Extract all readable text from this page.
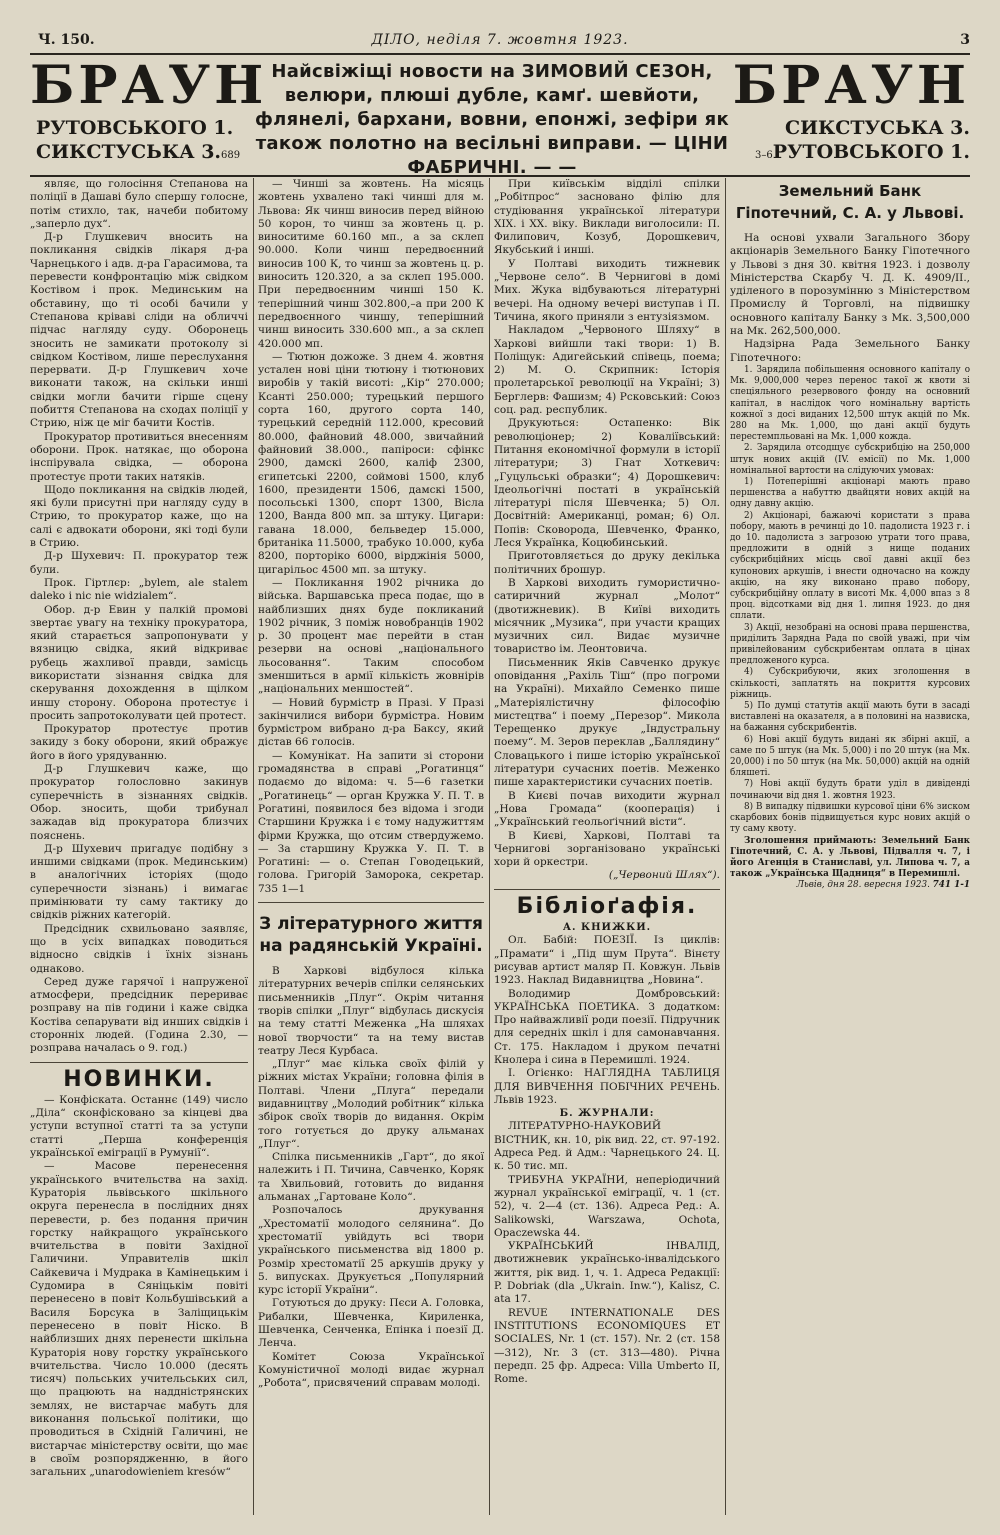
Ч. 150.	ДІЛО, неділя 7. жовтня 1923.	3
БРАУН
РУТОВСЬКОГО 1.
СИКСТУСЬКА 3.689
Найсвіжіщі новости на ЗИМОВИЙ СЕЗОН, велюри, плюші дубле, камґ. шевйоти, флянелі, бархани, вовни, епонжі, зефіри як також полотно на весільні виправи. — ЦІНИ ФАБРИЧНІ. — —
БРАУН
СИКСТУСЬКА 3.
3–6РУТОВСЬКОГО 1.

являє, що голосіння Степанова на поліції в Дашаві було спершу голосне, потім стихло, так, начеби побитому „заперло дух“.

Д-р Глушкевич вносить на покликання свідків лікаря д-ра Чарнецького і адв. д-ра Гарасимова, та перевести конфронтацію між свідком Костівом і прок. Мединським на обставину, що ті особі бачили у Степанова кріваві сліди на обличчі підчас нагляду суду. Оборонець зносить не замикати протоколу зі свідком Костівом, лише переслухання перервати. Д-р Глушкевич хоче виконати також, на скільки инші свідки могли бачити гірше сцену побиття Степанова на сходах поліції у Стрию, ніж це міг бачити Костів.

Прокуратор противиться внесенням оборони. Прок. натякає, що оборона інспірувала свідка, — оборона протестує проти таких натяків.

Щодо покликання на свідків людей, які були присутні при нагляду суду в Стрию, то прокуратор каже, що на салі є адвокати оборони, які тоді були в Стрию.

Д-р Шухевич: П. прокуратор теж були.

Прок. Гіртлєр: „bylem, ale stalem daleko i nic nie widzialem“.

Обор. д-р Евин у палкій промові звертає увагу на техніку прокуратора, який старається запропонувати у вязницю свідка, який відкриває рубець жахливої правди, замісць використати зізнання свідка для скерування дохождення в щілком иншу сторону. Оборона протестує і просить запротоколувати цей протест.

Прокуратор протестує против закиду з боку оборони, який ображує його в його урядуванню.

Д-р Глушкевич каже, що прокуратор голословно закинув суперечність в зізнаннях свідків. Обор. зносить, щоби трибунал зажадав від прокуратора близчих пояснень.

Д-р Шухевич пригадує подібну з иншими свідками (прок. Мединським) в аналогічних історіях (щодо суперечности зізнань) і вимагає примінювати ту саму тактику до свідків ріжних категорій.

Предсідник схвильовано заявляє, що в усіх випадках поводиться відносно свідків і їхніх зізнань однаково.

Серед дуже гарячої і напруженої атмосфери, предсідник перериває розправу на пів години і каже свідка Костіва сепарувати від инших свідків і сторонніх людей. (Година 2.30, — розправа началась о 9. год.)

НОВИНКИ.

— Конфіската. Останнє (149) число „Діла“ сконфісковано за кінцеві два уступи вступної статті та за уступи статті „Перша конференція української еміграції в Румунії“.

— Масове перенесення українського вчительства на захід. Кураторія львівського шкільного округа перенесла в послідних днях перевести, р. без подання причин горстку найкращого українського вчительства в повіти Західної Галичини. Управителів шкіл Сайкевича і Мудрака в Камінецьким і Судомира в Сяніцькім повіті перенесено в повіт Кольбушівський а Василя Борсука в Заліщицькім перенесено в повіт Ніско. В найблизших днях перенести шкільна Кураторія нову горстку українського вчительства. Число 10.000 (десять тисяч) польських учительських сил, що працюють на наддністрянских землях, не вистарчає мабуть для виконання польської політики, що проводиться в Східній Галичині, не вистарчає міністерству освіти, що має в своїм розпорядженню, в його загальних „unarodowieniem kresów“

— Чинші за жовтень. На місяць жовтень ухвалено такі чинші для м. Львова: Як чинш виносив перед війною 50 корон, то чинш за жовтень ц. р. виноситиме 60.160 мп., а за склеп 90.000. Коли чинш передвоєнний виносив 100 К, то чинш за жовтень ц. р. виносить 120.320, а за склеп 195.000. При передвоєнним чинші 150 К. теперішний чинш 302.800,–а при 200 К передвоєнного чиншу, теперішний чинш виносить 330.600 мп., а за склеп 420.000 мп.

— Тютюн дожоже. З днем 4. жовтня устален нові ціни тютюну і тютюнових виробів у такій висоті: „Кір“ 270.000; Ксанті 250.000; турецький першого сорта 160, другого сорта 140, турецький середній 112.000, кресовий 80.000, файновий 48.000, звичайний файновий 38.000., папіроси: сфінкс 2900, дамскі 2600, каліф 2300, єгипетські 2200, соймові 1500, клуб 1600, президенти 1506, дамскі 1500, посольські 1300, спорт 1300, Вісла 1200, Ванда 800 мп. за штуку. Цигари: гавана 18.000, бельведер 15.000, британіка 11.5000, трабуко 10.000, куба 8200, порторіко 6000, вірджінія 5000, цигарільос 4500 мп. за штуку.

— Покликання 1902 річника до війська. Варшавська преса подає, що в найблизших днях буде покликаний 1902 річник, З поміж новобранців 1902 р. 30 процент має перейти в стан резерви на основі „національного льосовання“. Таким способом зменшиться в армії кількість жовнірів „національних меншостей“.

— Новий бурмістр в Празі. У Празі закінчилися вибори бурмістра. Новим бурмістром вибрано д-ра Баксу, який дістав 66 голосів.

— Комунікат. На запити зі сторони громадянства в справі „Рогатинця“ подаємо до відома: ч. 5—6 газетки „Рогатинець“ — орган Кружка У. П. Т. в Рогатині, появилося без відома і згоди Старшини Кружка і є тому надужиттям фірми Кружка, що отсим ствердужемо. — За старшину Кружка У. П. Т. в Рогатині: — о. Степан Говодецький, голова. Григорій Заморока, секретар. 735 1—1

З літературного життя на радянській Україні.

В Харкові відбулося кілька літературних вечерів спілки селянських письменників „Плуг“. Окрім читання творів спілки „Плуг“ відбулась дискусія на тему статті Меженка „На шляхах нової творчости“ та на тему вистав театру Леся Курбаса.

„Плуг“ має кілька своїх філій у ріжних містах України; головна філія в Полтаві. Члени „Плуга“ передали видавництву „Молодий робітник“ кілька збірок своїх творів до видання. Окрім того готується до друку альманах „Плуг“.

Спілка письменників „Гарт“, до якої належить і П. Тичина, Савченко, Коряк та Хвильовий, готовить до видання альманах „Гартоване Коло“.

Розпочалось друкування „Хрестоматії молодого селянина“. До хрестоматії увійдуть всі твори українського письменства від 1800 р. Розмір хрестоматії 25 аркушів друку у 5. випусках. Друкується „Популярний курс історії України“.

Готуються до друку: Пєси А. Головка, Рибалки, Шевченка, Кириленка, Шевченка, Сенченка, Епінка і поезії Д. Ленча.

Комітет Союза Української Комуністичної молоді видає журнал „Робота“, присвячений справам молоді.

При київськім відділі спілки „Робітпрос“ засновано філію для студіювання української літератури XIX. і XX. віку. Виклади виголосили: П. Филипович, Козуб, Дорошкевич, Якубський і инші.

У Полтаві виходить тижневик „Червоне село“. В Чернигові в домі Мих. Жука відбуваються літературні вечері. На одному вечері виступав і П. Тичина, якого приняли з ентузіязмом.

Накладом „Червоного Шляху“ в Харкові вийшли такі твори: 1) В. Поліщук: Адигейський співець, поема; 2) М. О. Скрипник: Історія пролетарської революції на Україні; 3) Берглерв: Фашизм; 4) Рсковський: Союз соц. рад. республик.

Друкуються: Остапенко: Вік революціонер; 2) Коваліївський: Питання економічної формули в історії літератури; 3) Гнат Хоткевич: „Гуцульські образки“; 4) Дорошкевич: Ідеольогічні постаті в українській літературі після Шевченка; 5) Ол. Досвітній: Американці, роман; 6) Ол. Попів: Сковорода, Шевченко, Франко, Леся Українка, Коцюбинський.

Приготовляється до друку декілька політичних брошур.

В Харкові виходить гумористично-сатиричний журнал „Молот“ (двотижневик). В Київі виходить місячник „Музика“, при участи кращих музичних сил. Видає музичне товариство ім. Леонтовича.

Письменник Яків Савченко друкує оповідання „Рахіль Тіш“ (про погроми на Україні). Михайло Семенко пише „Матеріялістичну філософію мистецтва“ і поему „Перезор“. Микола Терещенко друкує „Індустральну поему“. М. Зеров переклав „Баллядину“ Словацького і пише історію української літератури сучасних поетів. Меженко пише характеристики сучасних поетів.

В Києві почав виходити журнал „Нова Громада“ (кооперація) і „Український геольоґічний вісти“.

В Києві, Харкові, Полтаві та Чернигові зорганізовано українські хори й оркестри.

(„Червоний Шлях“).

Бібліоґафія.

А. КНИЖКИ.

Ол. Бабій: ПОЕЗІЇ. Із циклів: „Прамати“ і „Під шум Прута“. Вінєту рисував артист маляр П. Ковжун. Львів 1923. Наклад Видавництва „Новина“.

Володимир Домбровський: УКРАЇНСЬКА ПОЕТИКА. З додатком: Про найважливії роди поезії. Підручник для середніх шкіл і для самонавчання. Ст. 175. Накладом і друком печатні Кнолера і сина в Перемишлі. 1924.

І. Огієнко: НАГЛЯДНА ТАБЛИЦЯ ДЛЯ ВИВЧЕННЯ ПОБІЧНИХ РЕЧЕНЬ. Львів 1923.

Б. ЖУРНАЛИ:

ЛІТЕРАТУРНО-НАУКОВИЙ ВІСТНИК, кн. 10, рік вид. 22, ст. 97-192. Адреса Ред. й Адм.: Чарнецького 24. Ц. к. 50 тис. мп.

ТРИБУНА УКРАЇНИ, неперіодичний журнал української еміграції, ч. 1 (ст. 52), ч. 2—4 (ст. 136). Адреса Ред.: A. Salikowski, Warszawa, Ochota, Opaczewska 44.

УКРАЇНСЬКИЙ ІНВАЛІД, двотижневик українсько-інвалідського життя, рік вид. 1, ч. 1. Адреса Редакції: P. Dobriak (dla „Ukrain. Inw.“), Kalisz, C. ata 17.

REVUE INTERNATIONALE DES INSTITUTIONS ECONOMIQUES ET SOCIALES, Nr. 1 (ст. 157). Nr. 2 (ст. 158—312), Nr. 3 (ст. 313—480). Річна передп. 25 фр. Адреса: Villa Umberto II, Rome.

Земельний Банк Гіпотечний, С. А. у Львові.

На основі ухвали Загального Збору акціонарів Земельного Банку Гіпотечного у Львові з дня 30. квітня 1923. і дозволу Міністерства Скарбу Ч. Д. К. 4909/II., уділеного в порозумінню з Міністерством Промислу й Торговлі, на підвишку основного капіталу Банку з Мк. 3,500,000 на Мк. 262,500,000.

Надзірна Рада Земельного Банку Гіпотечного:

1. Зарядила побільшення основного капіталу о Мк. 9,000,000 через перенос такої ж квоти зі спеціяльного резервового фонду на основний капітал, в наслідок чого номінальну вартість кожної з досі виданих 12,500 штук акцій по Мк. 280 на Мк. 1,000, що дані акції будуть перестемпльовані на Мк. 1,000 кожда.

2. Зарядила отсодщує субскрибцію на 250,000 штук нових акцій (IV. емісії) по Мк. 1,000 номінальної вартости на слідуючих умовах:

1) Потеперішні акціонарі мають право першенства а набуттю двайцяти нових акцій на одну давну акцію.

2) Акціонарі, бажаючі користати з права побору, мають в речинці до 10. падолиста 1923 г. і до 10. падолиста з загрозою утрати того права, предложити в одній з нище поданих субскрибційних місць свої давні акції без купонових аркушів, і внести одночасно на кожду акцію, на яку виконано право побору, субскрибційну оплату в висоті Мк. 4,000 впаз з 8 проц. відсотками від дня 1. липня 1923. до дня сплати.

3) Акції, незобрані на основі права першенства, приділить Зарядна Рада по своїй уважі, при чім привілейованим субскрибентам оплата в цінах предложеного курса.

4) Субскрибуючи, яких зголошення в скількості, заплатять на покриття курсових ріжниць.

5) По думці статутів акції мають бути в засаді виставлені на оказателя, а в половині на назвиска, на бажання субскрибентів.

6) Нові акції будуть видані як збірні акції, а саме по 5 штук (на Мк. 5,000) і по 20 штук (на Мк. 20,000) і по 50 штук (на Мк. 50,000) акцій на одній бляшеті.

7) Нові акції будуть брати уділ в дивіденді починаючи від дня 1. жовтня 1923.

8) В випадку підвишки курсової ціни 6% зиском скарбових бонів підвищується курс нових акцій о ту саму квоту.

Зголошення приймають: Земельний Банк Гіпотечний, С. А. у Львові, Підвалля ч. 7, і його Агенція в Станиславі, ул. Липова ч. 7, а також „Українська Щадниця“ в Перемишлі.

Львів, дня 28. вересня 1923. 741 1-1
